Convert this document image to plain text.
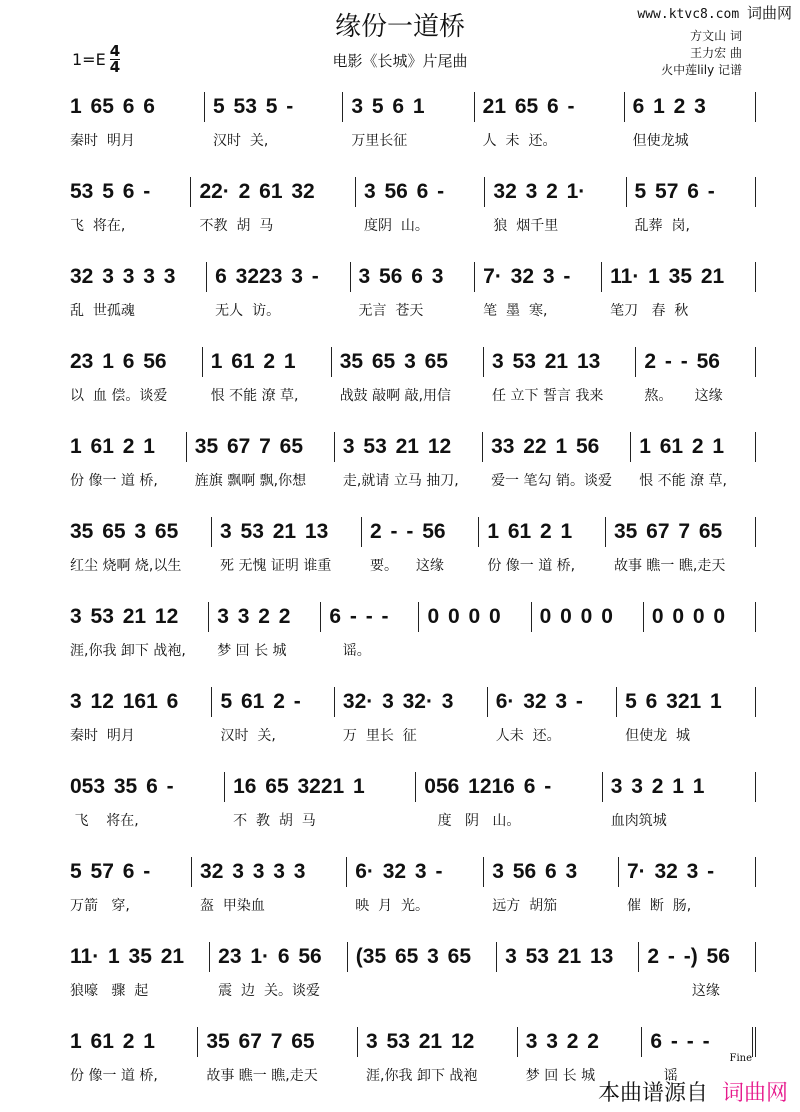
www.ktvc8.com 词曲网
缘份一道桥
电影《长城》片尾曲
$1=E \frac{4}{4}$
方文山 词
王力宏 曲
火中莲lily 记谱
1 65 6 6
秦时  明月
5 53 5 -
汉时  关,
3 5 6 1
万里长征
21 65 6 -
人  未  还。
6 1 2 3
但使龙城
53 5 6 -
飞  将在,
22· 2 61 32
不教  胡  马
3 56 6 -
度阴  山。
32 3 2 1·
狼  烟千里
5 57 6 -
乱葬  岗,
32 3 3 3 3
乱  世孤魂
6 3223 3 -
无人  访。
3 56 6 3
无言  苍天
7· 32 3 -
笔  墨  寒,
11· 1 35 21
笔刀   春  秋
23 1 6 56
以  血 偿。谈爱
1 61 2 1
恨 不能 潦 草,
35 65 3 65
战鼓 敲啊 敲,用信
3 53 21 13
任 立下 誓言 我来
2 - - 56
熬。     这缘
1 61 2 1
份 像一 道 桥,
35 67 7 65
旌旗 飘啊 飘,你想
3 53 21 12
走,就请 立马 抽刀,
33 22 1 56
爱一 笔勾 销。谈爱
1 61 2 1
恨 不能 潦 草,
35 65 3 65
红尘 烧啊 烧,以生
3 53 21 13
死 无愧 证明 谁重
2 - - 56
要。    这缘
1 61 2 1
份 像一 道 桥,
35 67 7 65
故事 瞧一 瞧,走天
3 53 21 12
涯,你我 卸下 战袍,
3 3 2 2
梦 回 长 城
6 - - -
谣。
0 0 0 0	0 0 0 0	0 0 0 0
3 12 161 6
秦时  明月
5 61 2 -
汉时  关,
32· 3 32· 3
万  里长  征
6· 32 3 -
人未  还。
5 6 321 1
但使龙  城
053 35 6 -
飞    将在,
16 65 3221 1
不  教  胡  马
056 1216 6 -
度   阴   山。
3 3 2 1 1
血肉筑城
5 57 6 -
万箭   穿,
32 3 3 3 3
盔  甲染血
6· 32 3 -
映  月  光。
3 56 6 3
远方  胡笳
7· 32 3 -
催  断  肠,
11· 1 35 21
狼嚎   骤  起
23 1· 6 56
震  边  关。谈爱
(35 65 3 65	3 53 21 13	2 - -) 56
这缘
1 61 2 1
份 像一 道 桥,
35 67 7 65
故事 瞧一 瞧,走天
3 53 21 12
涯,你我 卸下 战袍
3 3 2 2
梦 回 长 城
6 - - -
谣
Fine
本曲谱源自 词曲网
